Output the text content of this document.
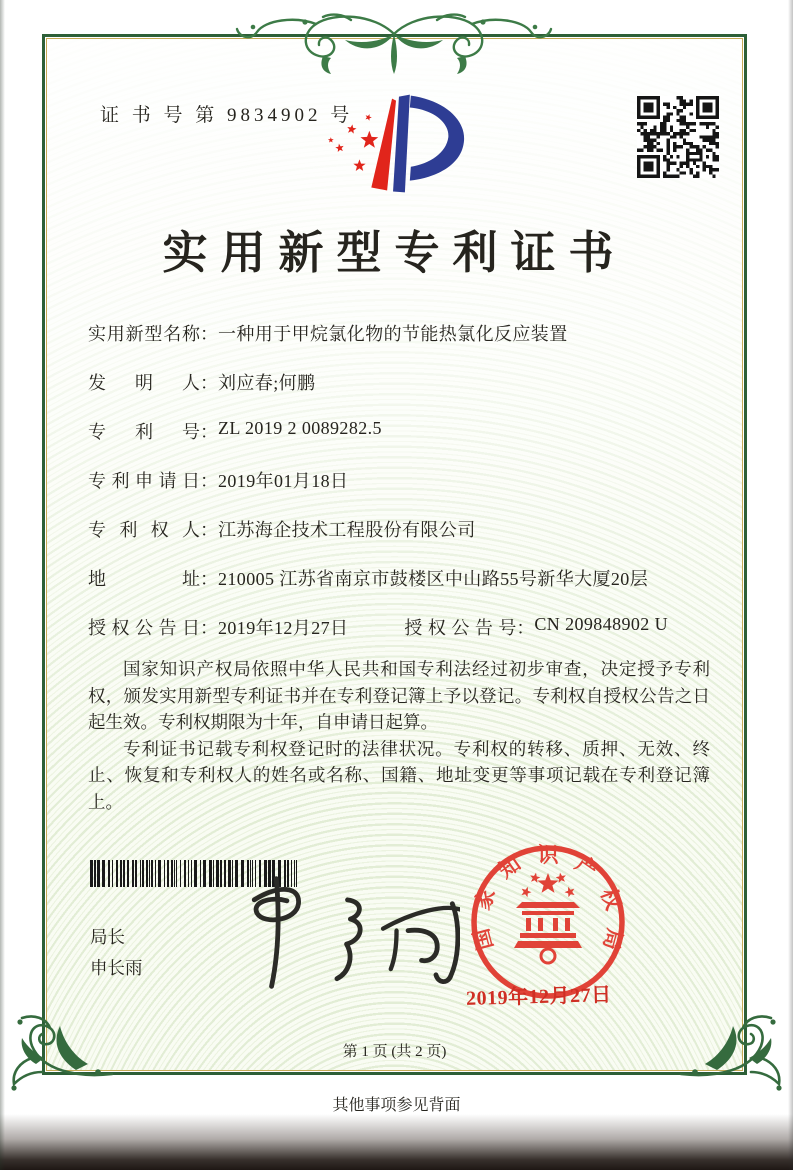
证 书 号 第 9834902 号
实用新型专利证书
实用新型名称 ： 一种用于甲烷氯化物的节能热氯化反应装置
发明人 ： 刘应春;何鹏
专利号 ： ZL 2019 2 0089282.5
专利申请日 ： 2019年01月18日
专利权人 ： 江苏海企技术工程股份有限公司
地址 ： 210005 江苏省南京市鼓楼区中山路55号新华大厦20层
授权公告日 ： 2019年12月27日	授权公告号 ： CN 209848902 U

国家知识产权局依照中华人民共和国专利法经过初步审查，决定授予专利权，颁发实用新型专利证书并在专利登记簿上予以登记。专利权自授权公告之日起生效。专利权期限为十年，自申请日起算。

专利证书记载专利权登记时的法律状况。专利权的转移、质押、无效、终止、恢复和专利权人的姓名或名称、国籍、地址变更等事项记载在专利登记簿上。

局长
申长雨
国
家
知 识 产
权
局
2019年12月27日
第 1 页 (共 2 页)
其他事项参见背面
